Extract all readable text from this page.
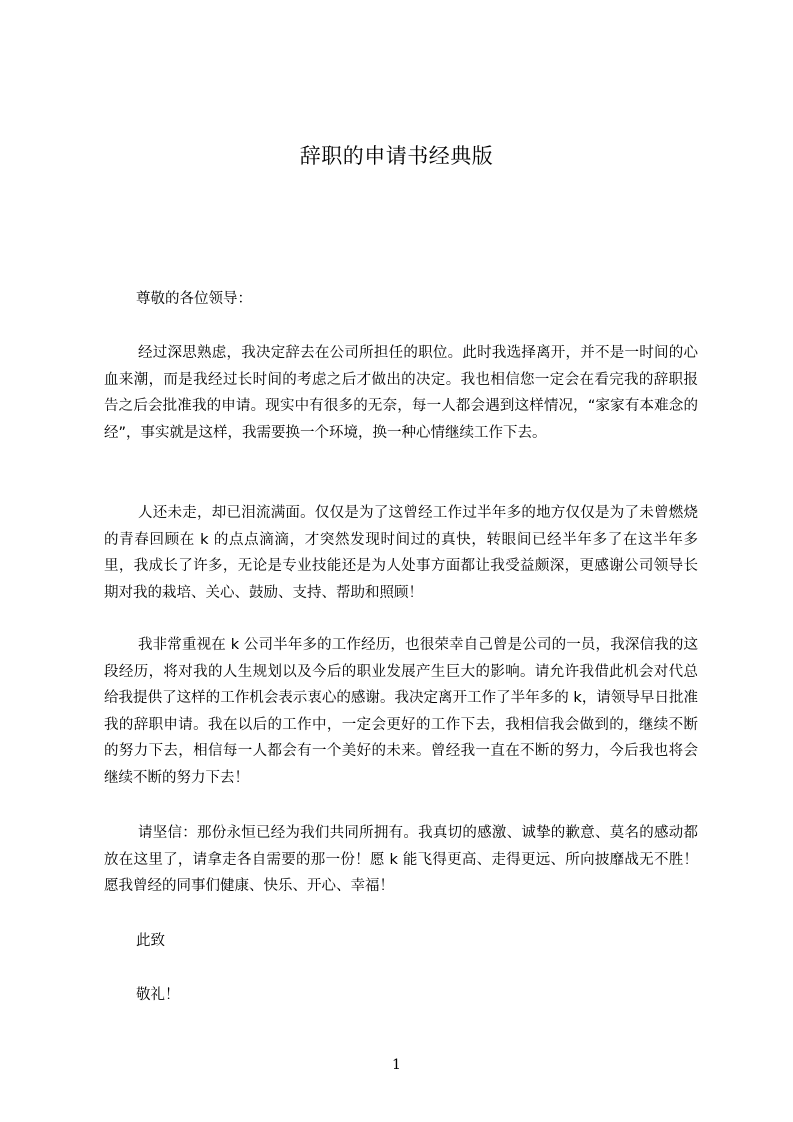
辞职的申请书经典版

尊敬的各位领导：

经过深思熟虑，我决定辞去在公司所担任的职位。此时我选择离开，并不是一时间的心血来潮，而是我经过长时间的考虑之后才做出的决定。我也相信您一定会在看完我的辞职报告之后会批准我的申请。现实中有很多的无奈，每一人都会遇到这样情况，“家家有本难念的经”，事实就是这样，我需要换一个环境，换一种心情继续工作下去。

人还未走，却已泪流满面。仅仅是为了这曾经工作过半年多的地方仅仅是为了未曾燃烧的青春回顾在 k 的点点滴滴，才突然发现时间过的真快，转眼间已经半年多了在这半年多里，我成长了许多，无论是专业技能还是为人处事方面都让我受益颇深，更感谢公司领导长期对我的栽培、关心、鼓励、支持、帮助和照顾！

我非常重视在 k 公司半年多的工作经历，也很荣幸自己曾是公司的一员，我深信我的这段经历，将对我的人生规划以及今后的职业发展产生巨大的影响。请允许我借此机会对代总给我提供了这样的工作机会表示衷心的感谢。我决定离开工作了半年多的 k，请领导早日批准我的辞职申请。我在以后的工作中，一定会更好的工作下去，我相信我会做到的，继续不断的努力下去，相信每一人都会有一个美好的未来。曾经我一直在不断的努力，今后我也将会继续不断的努力下去！

请坚信：那份永恒已经为我们共同所拥有。我真切的感激、诚挚的歉意、莫名的感动都放在这里了，请拿走各自需要的那一份！愿 k 能飞得更高、走得更远、所向披靡战无不胜！愿我曾经的同事们健康、快乐、开心、幸福！

此致

敬礼！

1
